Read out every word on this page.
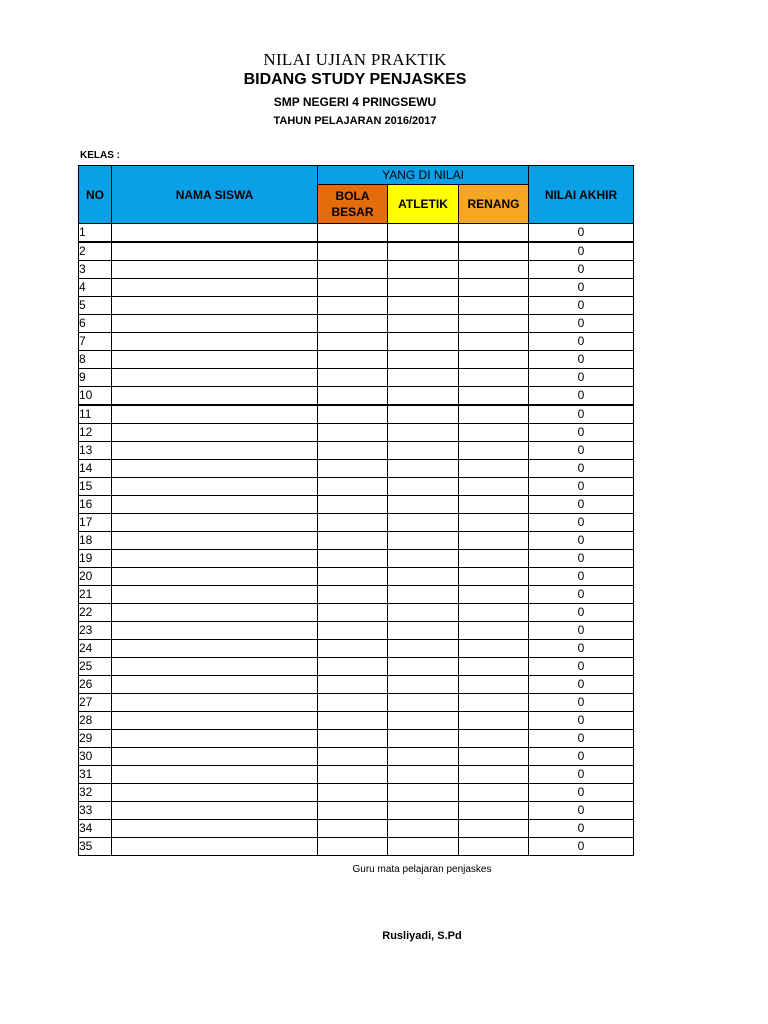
NILAI UJIAN PRAKTIK
BIDANG STUDY PENJASKES
SMP NEGERI 4 PRINGSEWU
TAHUN PELAJARAN 2016/2017
KELAS :
NO	NAMA SISWA	YANG DI NILAI			NILAI AKHIR
		BOLA BESAR	ATLETIK	RENANG	
1					0
2					0
3					0
4					0
5					0
6					0
7					0
8					0
9					0
10					0
11					0
12					0
13					0
14					0
15					0
16					0
17					0
18					0
19					0
20					0
21					0
22					0
23					0
24					0
25					0
26					0
27					0
28					0
29					0
30					0
31					0
32					0
33					0
34					0
35					0
Guru mata pelajaran penjaskes
Rusliyadi, S.Pd
